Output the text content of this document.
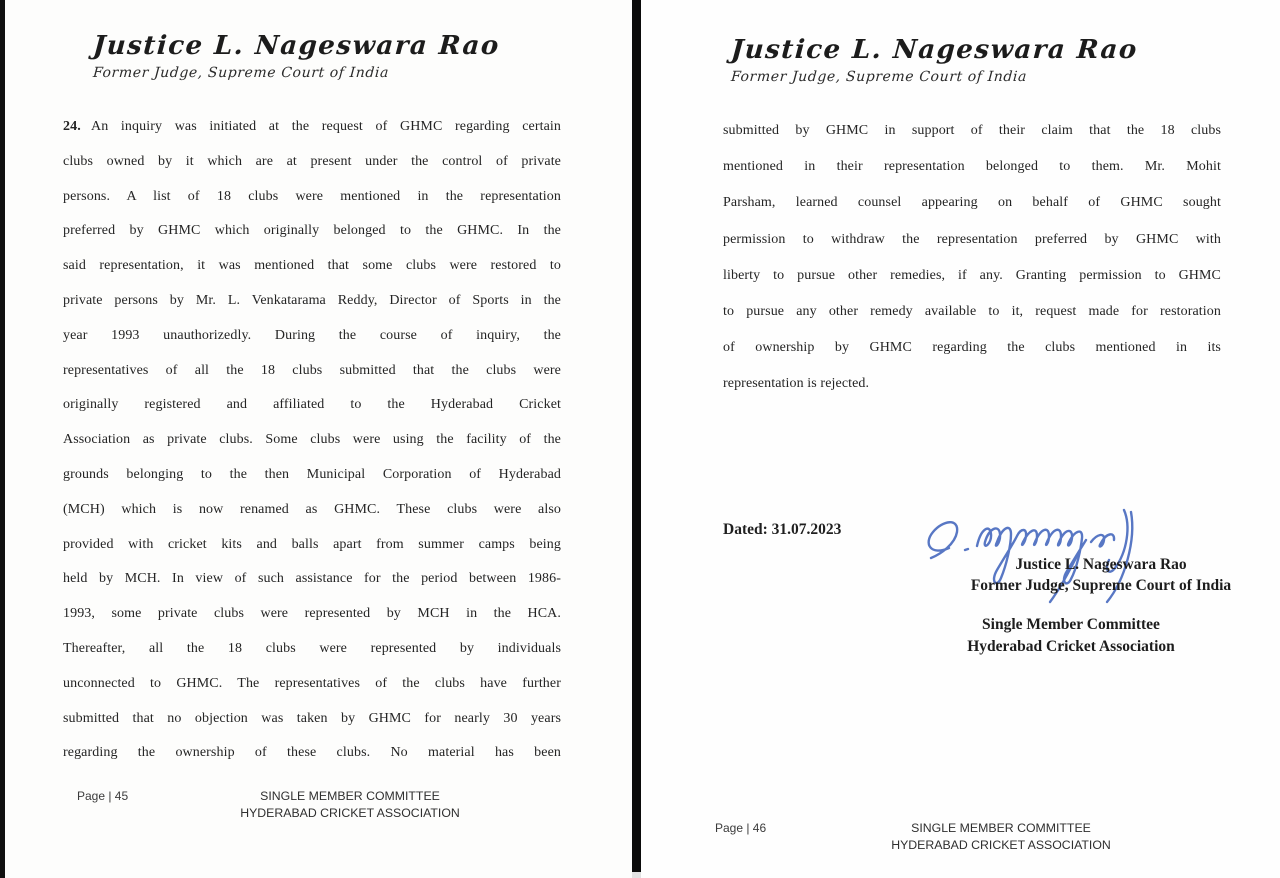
Justice L. Nageswara Rao
Former Judge, Supreme Court of India
24. An inquiry was initiated at the request of GHMC regarding certain
clubs owned by it which are at present under the control of private
persons. A list of 18 clubs were mentioned in the representation
preferred by GHMC which originally belonged to the GHMC. In the
said representation, it was mentioned that some clubs were restored to
private persons by Mr. L. Venkatarama Reddy, Director of Sports in the
year 1993 unauthorizedly. During the course of inquiry, the
representatives of all the 18 clubs submitted that the clubs were
originally registered and affiliated to the Hyderabad Cricket
Association as private clubs. Some clubs were using the facility of the
grounds belonging to the then Municipal Corporation of Hyderabad
(MCH) which is now renamed as GHMC. These clubs were also
provided with cricket kits and balls apart from summer camps being
held by MCH. In view of such assistance for the period between 1986-
1993, some private clubs were represented by MCH in the HCA.
Thereafter, all the 18 clubs were represented by individuals
unconnected to GHMC. The representatives of the clubs have further
submitted that no objection was taken by GHMC for nearly 30 years
regarding the ownership of these clubs. No material has been
Page | 45	SINGLE MEMBER COMMITTEE
HYDERABAD CRICKET ASSOCIATION
Justice L. Nageswara Rao
Former Judge, Supreme Court of India
submitted by GHMC in support of their claim that the 18 clubs
mentioned in their representation belonged to them. Mr. Mohit
Parsham, learned counsel appearing on behalf of GHMC sought
permission to withdraw the representation preferred by GHMC with
liberty to pursue other remedies, if any. Granting permission to GHMC
to pursue any other remedy available to it, request made for restoration
of ownership by GHMC regarding the clubs mentioned in its
representation is rejected.
Dated: 31.07.2023
Justice L. Nageswara Rao
Former Judge, Supreme Court of India
Single Member Committee
Hyderabad Cricket Association
Page | 46	SINGLE MEMBER COMMITTEE
HYDERABAD CRICKET ASSOCIATION
